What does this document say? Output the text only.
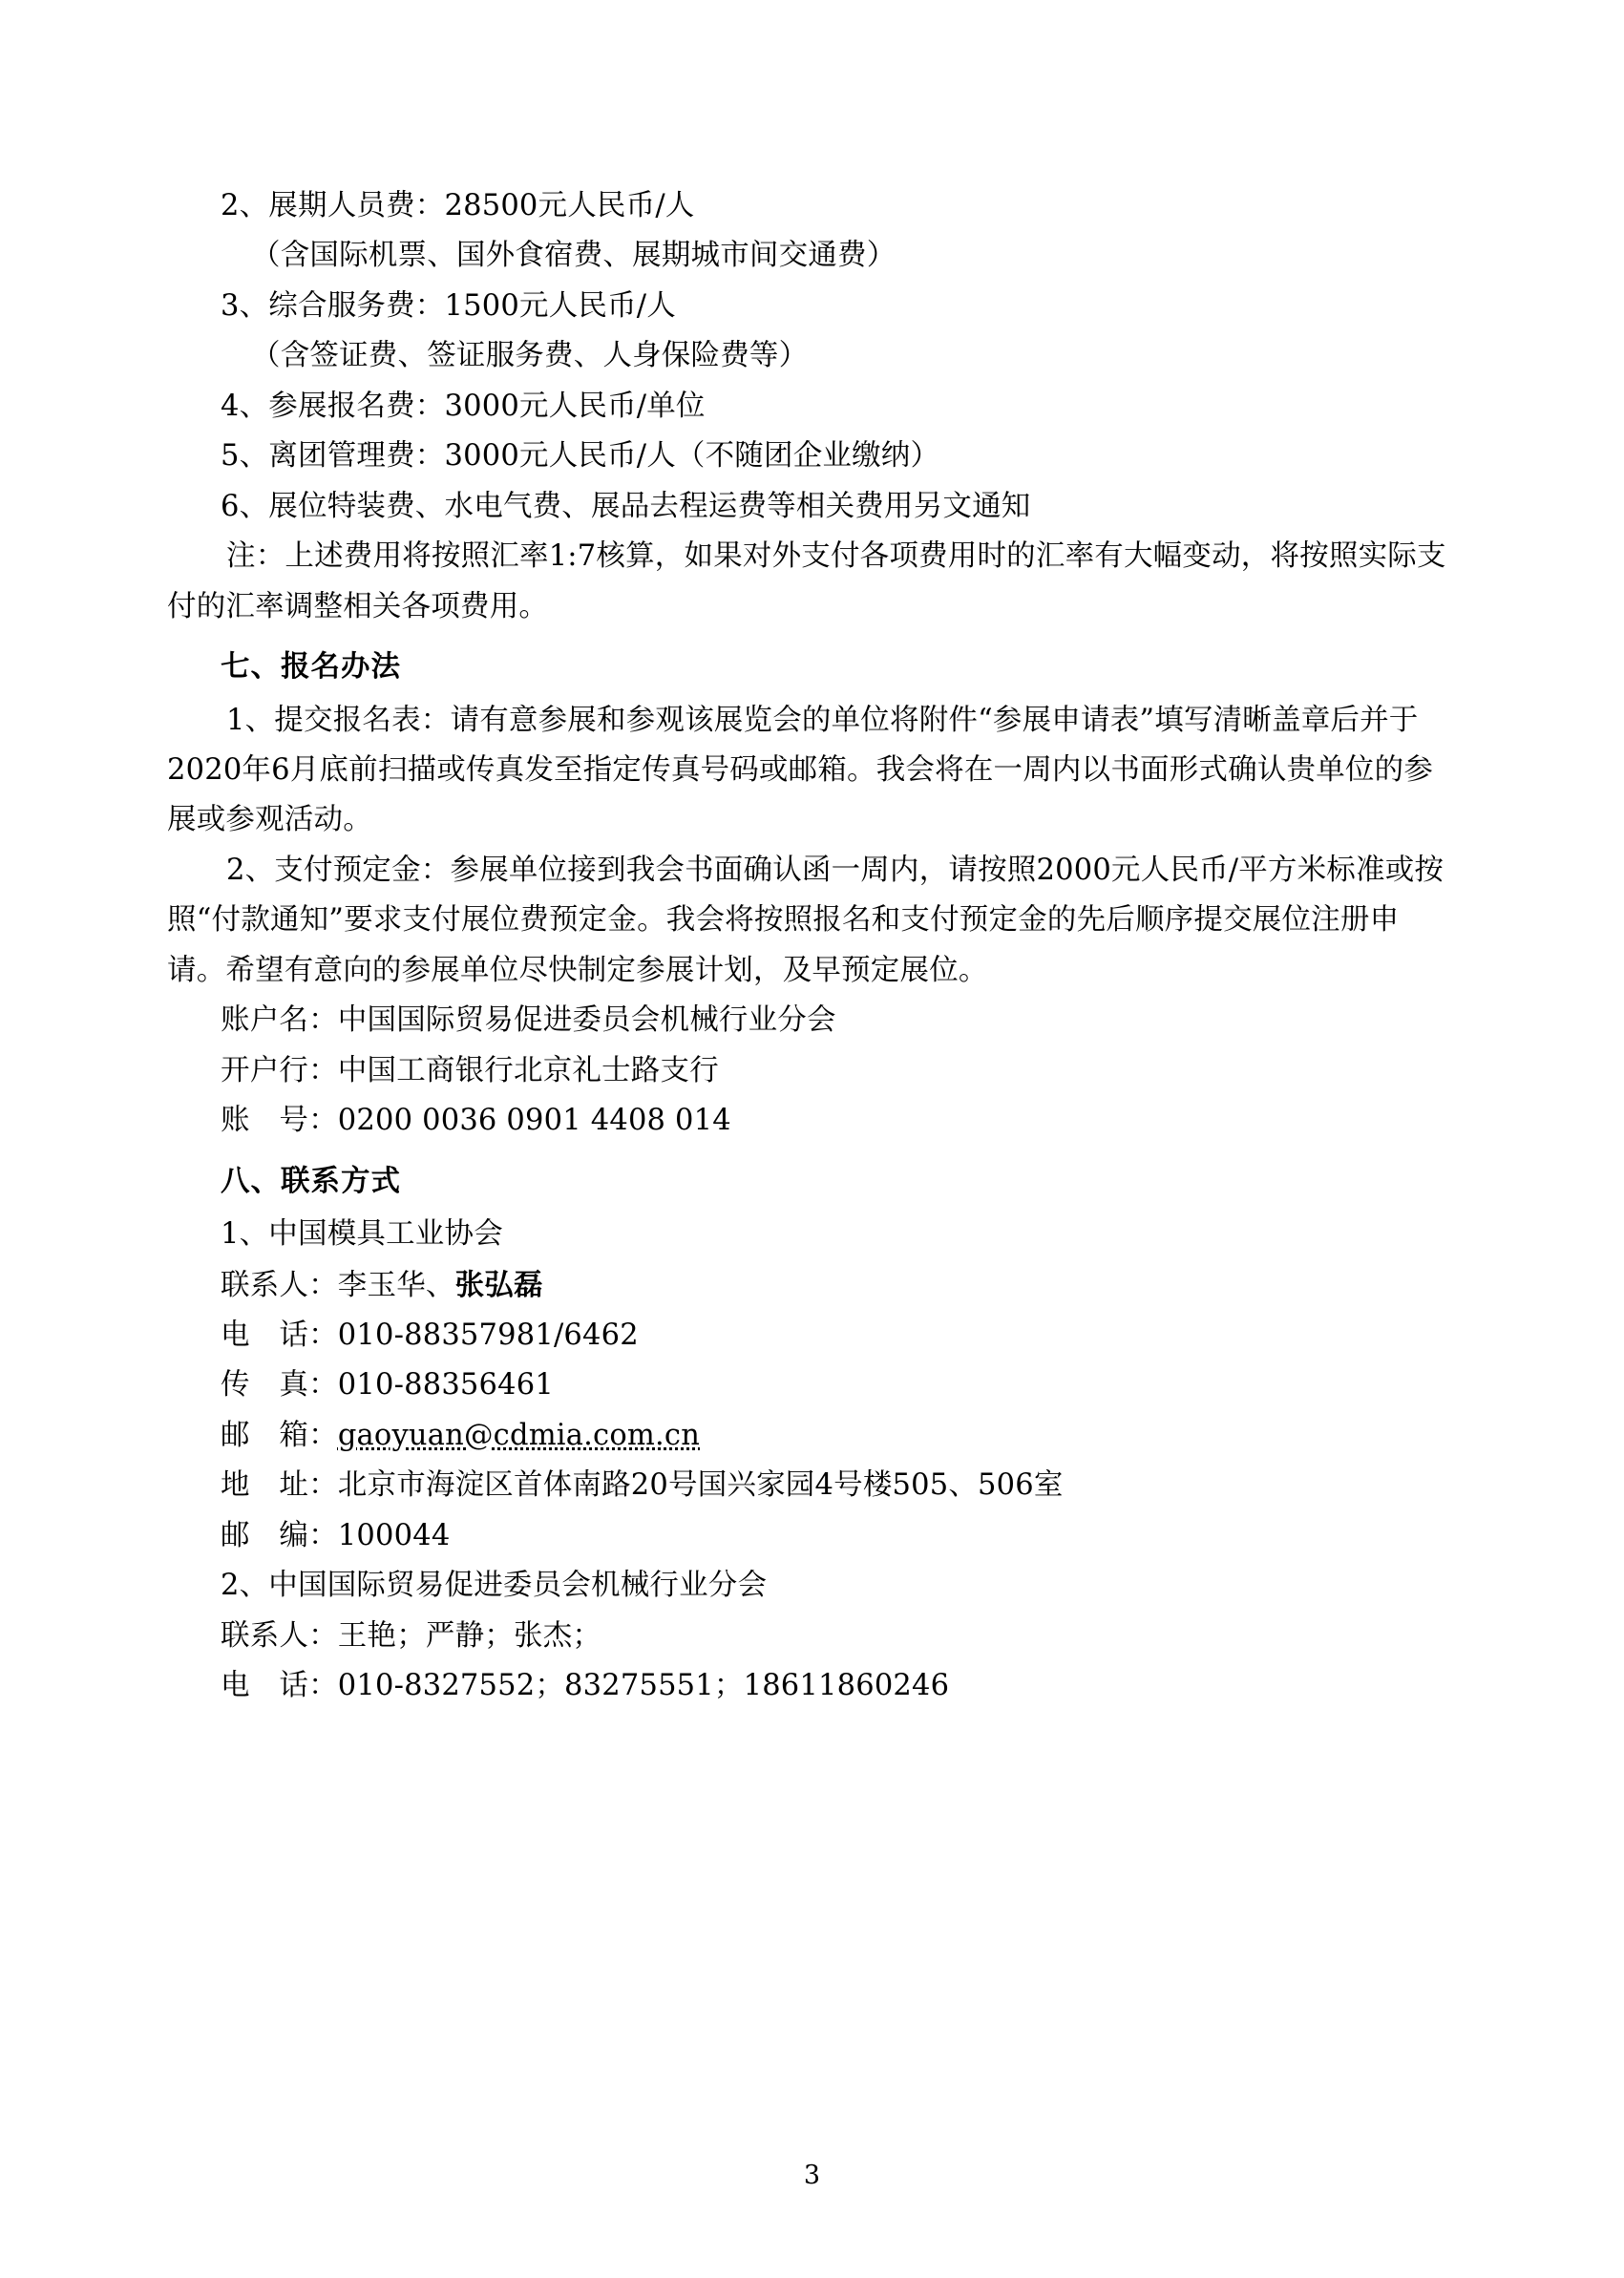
2、展期人员费：28500元人民币/人
（含国际机票、国外食宿费、展期城市间交通费）
3、综合服务费：1500元人民币/人
（含签证费、签证服务费、人身保险费等）
4、参展报名费：3000元人民币/单位
5、离团管理费：3000元人民币/人（不随团企业缴纳）
6、展位特装费、水电气费、展品去程运费等相关费用另文通知

注：上述费用将按照汇率1:7核算，如果对外支付各项费用时的汇率有大幅变动，将按照实际支付的汇率调整相关各项费用。

七、报名办法

1、提交报名表：请有意参展和参观该展览会的单位将附件“参展申请表”填写清晰盖章后并于2020年6月底前扫描或传真发至指定传真号码或邮箱。我会将在一周内以书面形式确认贵单位的参展或参观活动。

2、支付预定金：参展单位接到我会书面确认函一周内，请按照2000元人民币/平方米标准或按照“付款通知”要求支付展位费预定金。我会将按照报名和支付预定金的先后顺序提交展位注册申请。希望有意向的参展单位尽快制定参展计划，及早预定展位。

账户名：中国国际贸易促进委员会机械行业分会
开户行：中国工商银行北京礼士路支行
账　号：0200 0036 0901 4408 014
八、联系方式
1、中国模具工业协会
联系人：李玉华、张弘磊
电　话：010-88357981/6462
传　真：010-88356461
邮　箱：gaoyuan@cdmia.com.cn
地　址：北京市海淀区首体南路20号国兴家园4号楼505、506室
邮　编：100044
2、中国国际贸易促进委员会机械行业分会
联系人：王艳；严静；张杰；
电　话：010-8327552；83275551；18611860246
3
